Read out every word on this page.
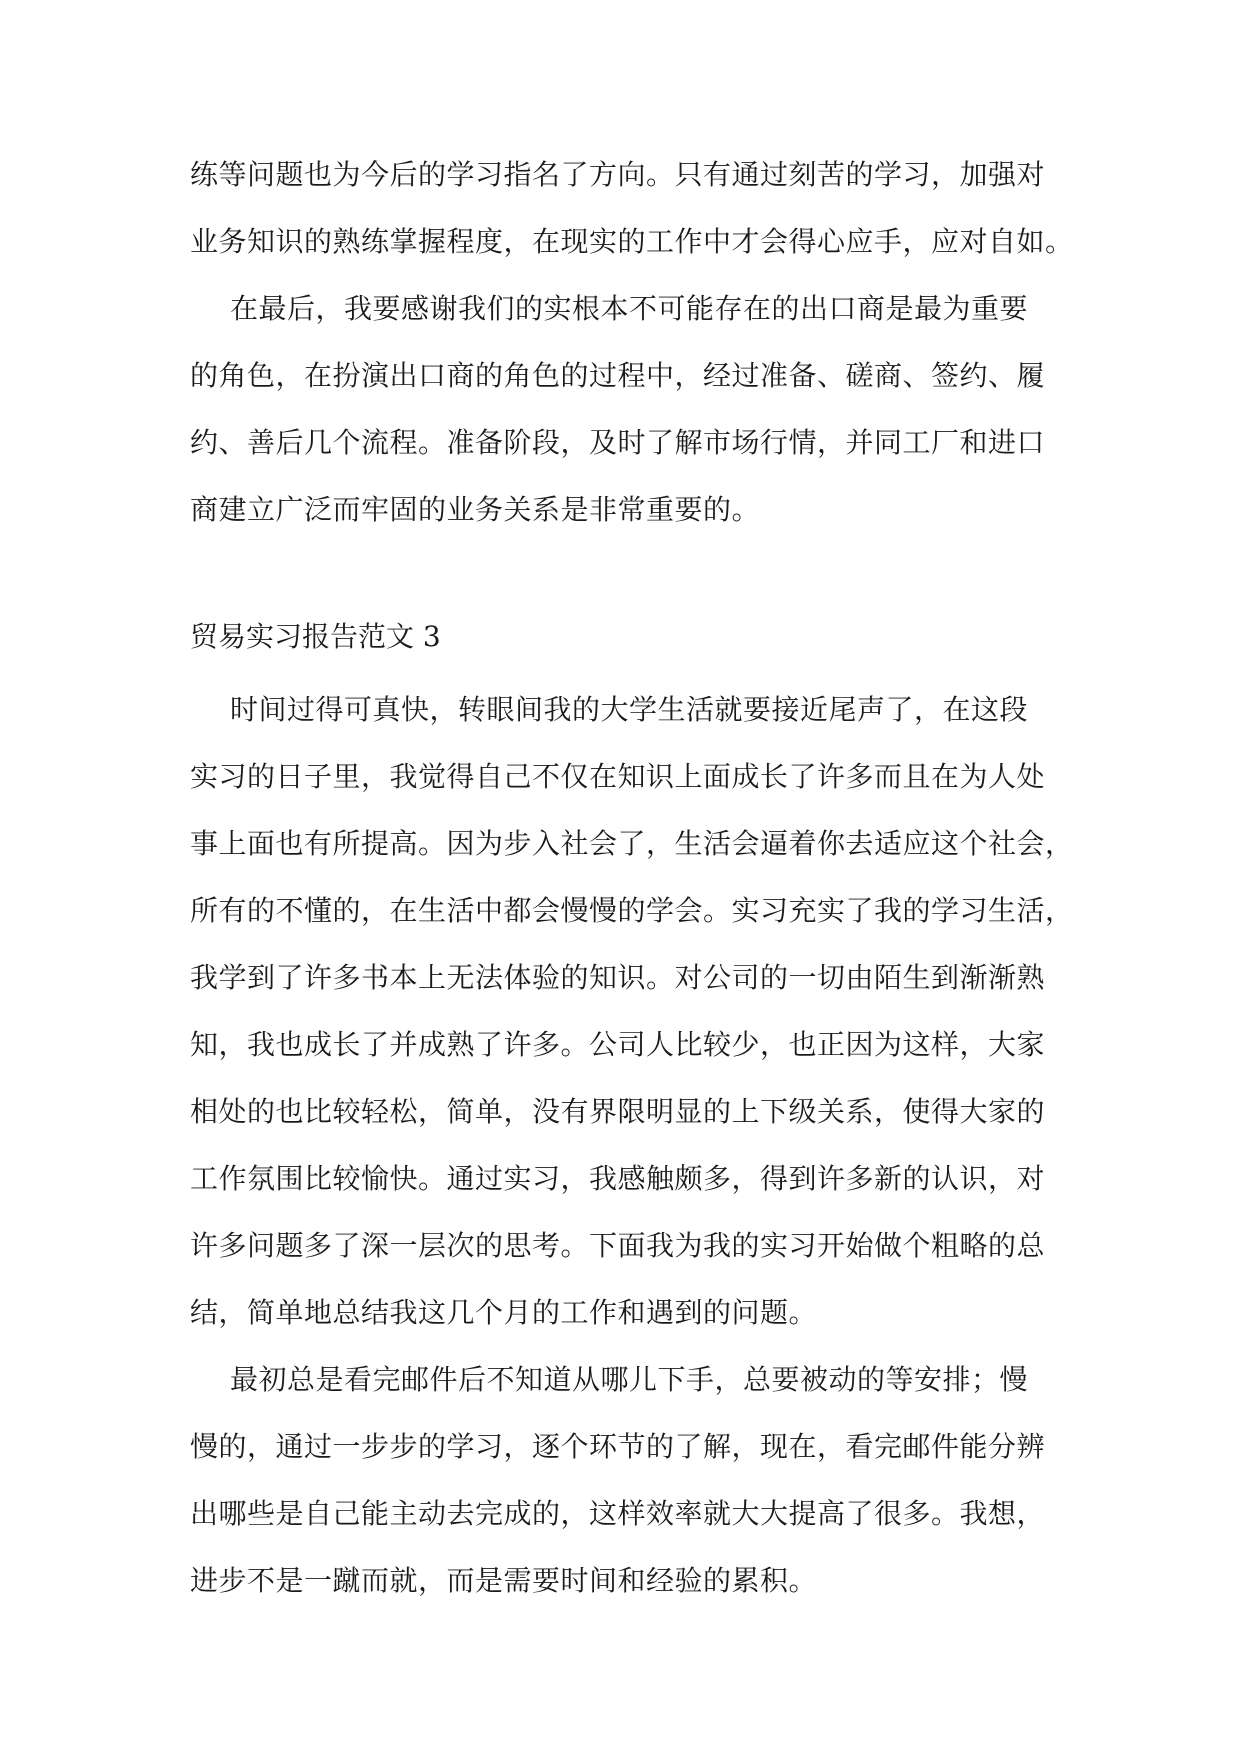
练等问题也为今后的学习指名了方向。只有通过刻苦的学习，加强对
业务知识的熟练掌握程度，在现实的工作中才会得心应手，应对自如。
在最后，我要感谢我们的实根本不可能存在的出口商是最为重要
的角色，在扮演出口商的角色的过程中，经过准备、磋商、签约、履
约、善后几个流程。准备阶段，及时了解市场行情，并同工厂和进口
商建立广泛而牢固的业务关系是非常重要的。
贸易实习报告范文 3
时间过得可真快，转眼间我的大学生活就要接近尾声了，在这段
实习的日子里，我觉得自己不仅在知识上面成长了许多而且在为人处
事上面也有所提高。因为步入社会了，生活会逼着你去适应这个社会，
所有的不懂的，在生活中都会慢慢的学会。实习充实了我的学习生活，
我学到了许多书本上无法体验的知识。对公司的一切由陌生到渐渐熟
知，我也成长了并成熟了许多。公司人比较少，也正因为这样，大家
相处的也比较轻松，简单，没有界限明显的上下级关系，使得大家的
工作氛围比较愉快。通过实习，我感触颇多，得到许多新的认识，对
许多问题多了深一层次的思考。下面我为我的实习开始做个粗略的总
结，简单地总结我这几个月的工作和遇到的问题。
最初总是看完邮件后不知道从哪儿下手，总要被动的等安排；慢
慢的，通过一步步的学习，逐个环节的了解，现在，看完邮件能分辨
出哪些是自己能主动去完成的，这样效率就大大提高了很多。我想，
进步不是一蹴而就，而是需要时间和经验的累积。
